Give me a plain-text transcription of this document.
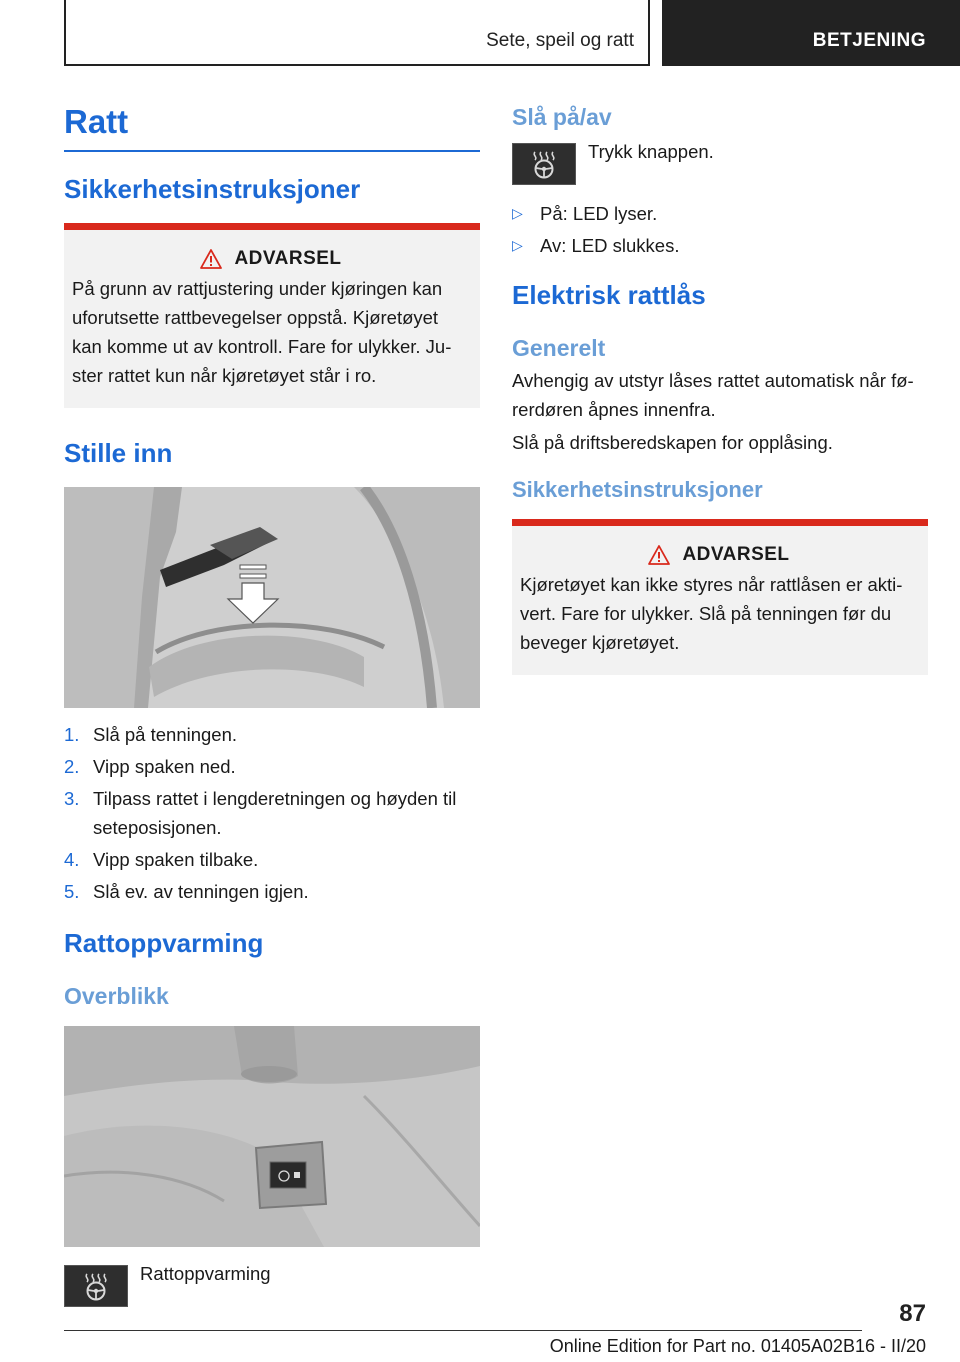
Sete, speil og ratt	BETJENING
Ratt
Sikkerhetsinstruksjoner
ADVARSEL
På grunn av rattjustering under kjøringen kan
uforutsette rattbevegelser oppstå. Kjøretøyet
kan komme ut av kontroll. Fare for ulykker. Ju-
ster rattet kun når kjøretøyet står i ro.
Stille inn
1. Slå på tenningen.
2. Vipp spaken ned.
3. Tilpass rattet i lengderetningen og høyden til
seteposisjonen.
4. Vipp spaken tilbake.
5. Slå ev. av tenningen igjen.
Rattoppvarming
Overblikk
Rattoppvarming
Slå på/av
Trykk knappen.
▷ På: LED lyser.
▷ Av: LED slukkes.
Elektrisk rattlås
Generelt
Avhengig av utstyr låses rattet automatisk når fø-
rerdøren åpnes innenfra.
Slå på driftsberedskapen for opplåsing.
Sikkerhetsinstruksjoner
ADVARSEL
Kjøretøyet kan ikke styres når rattlåsen er akti-
vert. Fare for ulykker. Slå på tenningen før du
beveger kjøretøyet.
87
Online Edition for Part no. 01405A02B16 - II/20
